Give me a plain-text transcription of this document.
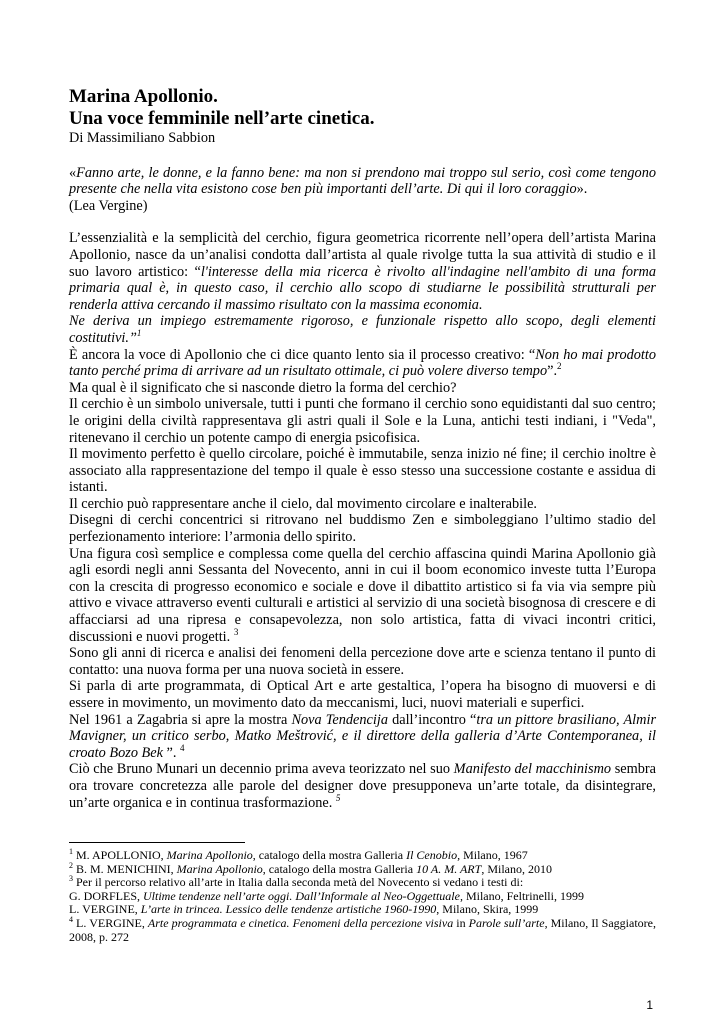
Marina Apollonio.
Una voce femminile nell’arte cinetica.

Di Massimiliano Sabbion

«Fanno arte, le donne, e la fanno bene: ma non si prendono mai troppo sul serio, così come tengono presente che nella vita esistono cose ben più importanti dell’arte. Di qui il loro coraggio».

(Lea Vergine)

L’essenzialità e la semplicità del cerchio, figura geometrica ricorrente nell’opera dell’artista Marina Apollonio, nasce da un’analisi condotta dall’artista al quale rivolge tutta la sua attività di studio e il suo lavoro artistico: “l'interesse della mia ricerca è rivolto all'indagine nell'ambito di una forma primaria qual è, in questo caso, il cerchio allo scopo di studiarne le possibilità strutturali per renderla attiva cercando il massimo risultato con la massima economia.

Ne deriva un impiego estremamente rigoroso, e funzionale rispetto allo scopo, degli elementi costitutivi.”$^1$

È ancora la voce di Apollonio che ci dice quanto lento sia il processo creativo: “Non ho mai prodotto tanto perché prima di arrivare ad un risultato ottimale, ci può volere diverso tempo”.$^2$

Ma qual è il significato che si nasconde dietro la forma del cerchio?

Il cerchio è un simbolo universale, tutti i punti che formano il cerchio sono equidistanti dal suo centro; le origini della civiltà rappresentava gli astri quali il Sole e la Luna, antichi testi indiani, i "Veda", ritenevano il cerchio un potente campo di energia psicofisica.

Il movimento perfetto è quello circolare, poiché è immutabile, senza inizio né fine; il cerchio inoltre è associato alla rappresentazione del tempo il quale è esso stesso una successione costante e assidua di istanti.

Il cerchio può rappresentare anche il cielo, dal movimento circolare e inalterabile.

Disegni di cerchi concentrici si ritrovano nel buddismo Zen e simboleggiano l’ultimo stadio del perfezionamento interiore: l’armonia dello spirito.

Una figura così semplice e complessa come quella del cerchio affascina quindi Marina Apollonio già agli esordi negli anni Sessanta del Novecento, anni in cui il boom economico investe tutta l’Europa con la crescita di progresso economico e sociale e dove il dibattito artistico si fa via via sempre più attivo e vivace attraverso eventi culturali e artistici al servizio di una società bisognosa di crescere e di affacciarsi ad una ripresa e consapevolezza, non solo artistica, fatta di vivaci incontri critici, discussioni e nuovi progetti. $^3$

Sono gli anni di ricerca e analisi dei fenomeni della percezione dove arte e scienza tentano il punto di contatto: una nuova forma per una nuova società in essere.

Si parla di arte programmata, di Optical Art e arte gestaltica, l’opera ha bisogno di muoversi e di essere in movimento, un movimento dato da meccanismi, luci, nuovi materiali e superfici.

Nel 1961 a Zagabria si apre la mostra Nova Tendencija dall’incontro “tra un pittore brasiliano, Almir Mavigner, un critico serbo, Matko Meštrović, e il direttore della galleria d’Arte Contemporanea, il croato Bozo Bek ”. $^4$

Ciò che Bruno Munari un decennio prima aveva teorizzato nel suo Manifesto del macchinismo sembra ora trovare concretezza alle parole del designer dove presupponeva un’arte totale, da disintegrare, un’arte organica e in continua trasformazione. $^5$

$^1$ M. APOLLONIO, Marina Apollonio, catalogo della mostra Galleria Il Cenobio, Milano, 1967

$^2$ B. M. MENICHINI, Marina Apollonio, catalogo della mostra Galleria 10 A. M. ART, Milano, 2010

$^3$ Per il percorso relativo all’arte in Italia dalla seconda metà del Novecento si vedano i testi di:

G. DORFLES, Ultime tendenze nell’arte oggi. Dall’Informale al Neo-Oggettuale, Milano, Feltrinelli, 1999

L. VERGINE, L’arte in trincea. Lessico delle tendenze artistiche 1960-1990, Milano, Skira, 1999

$^4$ L. VERGINE, Arte programmata e cinetica. Fenomeni della percezione visiva in Parole sull’arte, Milano, Il Saggiatore, 2008, p. 272

1
